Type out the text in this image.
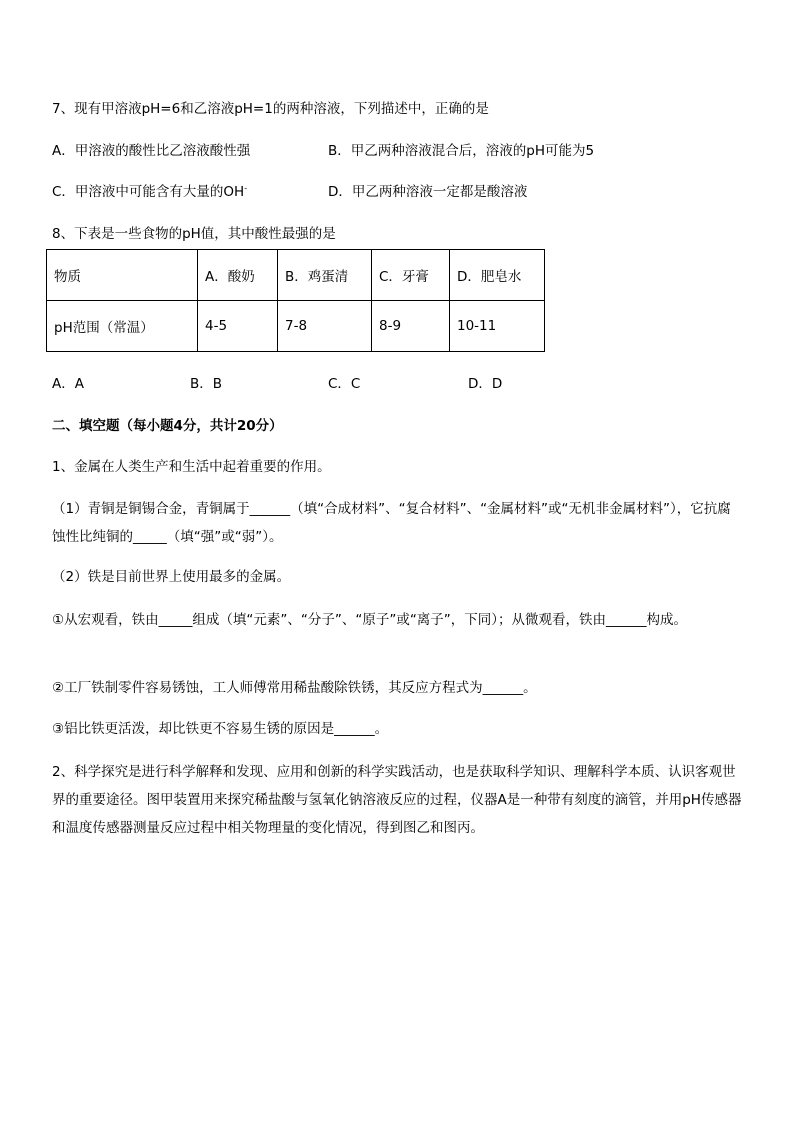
7、现有甲溶液pH=6和乙溶液pH=1的两种溶液，下列描述中，正确的是
A．甲溶液的酸性比乙溶液酸性强	B．甲乙两种溶液混合后，溶液的pH可能为5
C．甲溶液中可能含有大量的OH-	D．甲乙两种溶液一定都是酸溶液
8、下表是一些食物的pH值，其中酸性最强的是
物质	A．酸奶	B．鸡蛋清	C．牙膏	D．肥皂水
pH范围（常温）	4-5	7-8	8-9	10-11
A．A	B．B	C．C	D．D
二、填空题（每小题4分，共计20分）
1、金属在人类生产和生活中起着重要的作用。
（1）青铜是铜锡合金，青铜属于______（填“合成材料”、“复合材料”、“金属材料”或“无机非金属材料”），它抗腐蚀性比纯铜的_____（填“强”或“弱”）。
（2）铁是目前世界上使用最多的金属。
①从宏观看，铁由_____组成（填“元素”、“分子”、“原子”或“离子”，下同）；从微观看，铁由______构成。
②工厂铁制零件容易锈蚀，工人师傅常用稀盐酸除铁锈，其反应方程式为______。
③铝比铁更活泼，却比铁更不容易生锈的原因是______。
2、科学探究是进行科学解释和发现、应用和创新的科学实践活动，也是获取科学知识、理解科学本质、认识客观世界的重要途径。图甲装置用来探究稀盐酸与氢氧化钠溶液反应的过程，仪器A是一种带有刻度的滴管，并用pH传感器和温度传感器测量反应过程中相关物理量的变化情况，得到图乙和图丙。
